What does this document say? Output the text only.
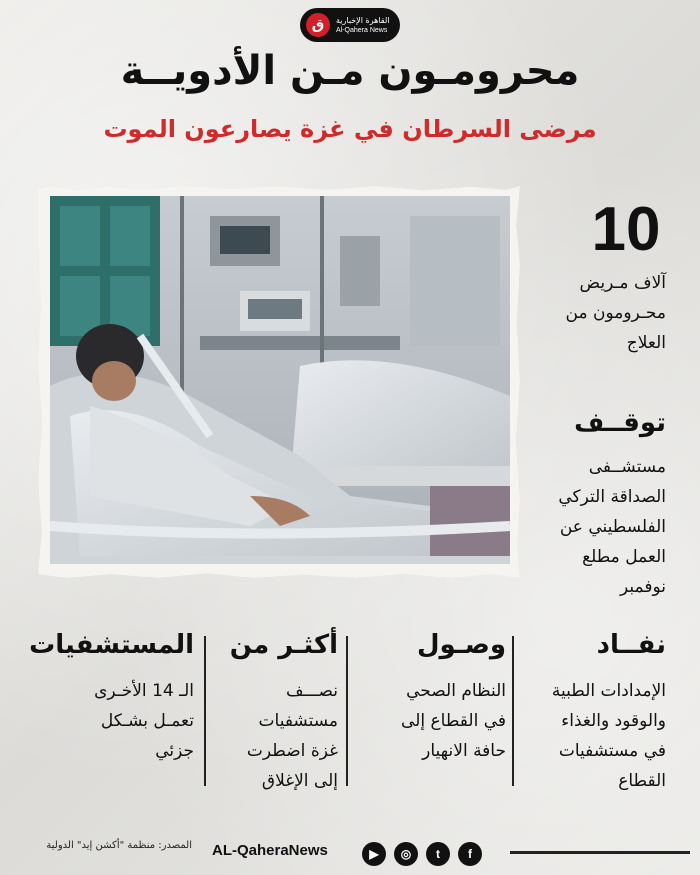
ق	القاهرة الإخبارية
Al-Qahera News
محرومـون مـن الأدويــة
مرضى السرطان في غزة يصارعون الموت
10
آلاف مـريض
محـرومون من
العلاج
توقــف
مستشــفى
الصداقة التركي
الفلسطيني عن
العمل مطلع
نوفمبر
نفــاد
الإمدادات الطبية
والوقود والغذاء
في مستشفيات
القطاع
وصـول
النظام الصحي
في القطاع إلى
حافة الانهيار
أكثـر من
نصـــف
مستشفيات
غزة اضطرت
إلى الإغلاق
المستشفيات
الـ 14 الأخـرى
تعمـل بشـكل
جزئي
المصدر: منظمة "أكشن إيد" الدولية AL-QaheraNews	▶	◎	t	f
